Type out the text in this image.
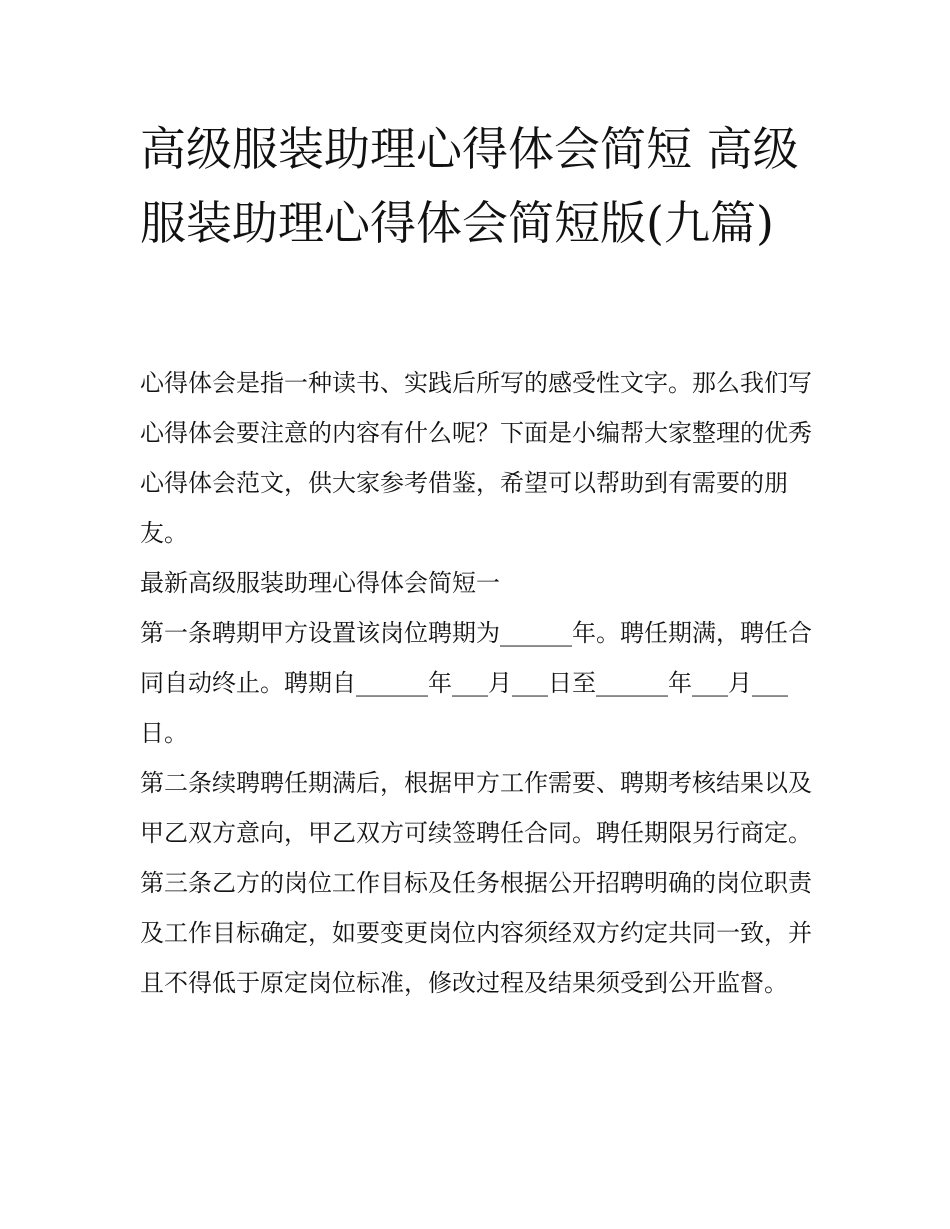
高级服装助理心得体会简短 高级服装助理心得体会简短版(九篇)

心得体会是指一种读书、实践后所写的感受性文字。那么我们写心得体会要注意的内容有什么呢？下面是小编帮大家整理的优秀心得体会范文，供大家参考借鉴，希望可以帮助到有需要的朋友。

最新高级服装助理心得体会简短一

第一条聘期甲方设置该岗位聘期为______年。聘任期满，聘任合同自动终止。聘期自______年___月___日至______年___月___日。

第二条续聘聘任期满后，根据甲方工作需要、聘期考核结果以及甲乙双方意向，甲乙双方可续签聘任合同。聘任期限另行商定。

第三条乙方的岗位工作目标及任务根据公开招聘明确的岗位职责及工作目标确定，如要变更岗位内容须经双方约定共同一致，并且不得低于原定岗位标准，修改过程及结果须受到公开监督。
